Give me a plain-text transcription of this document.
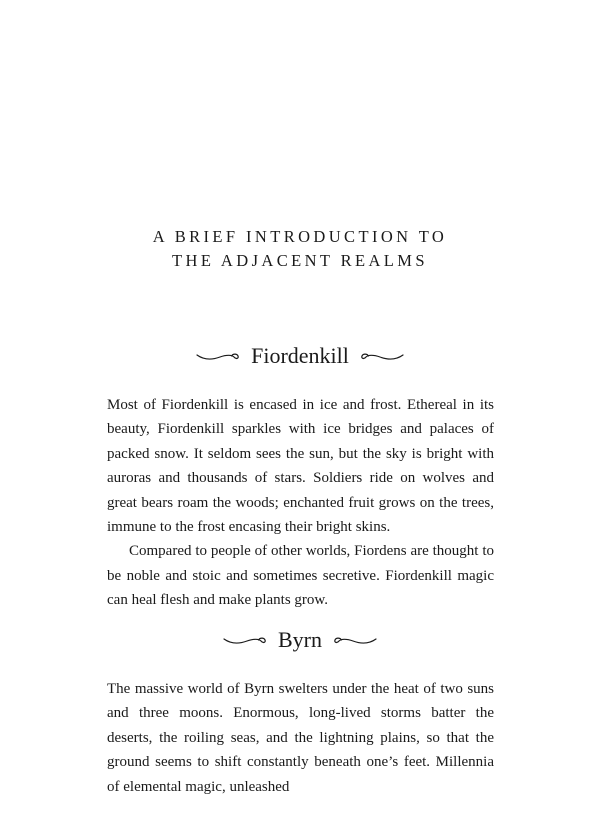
A BRIEF INTRODUCTION TO
THE ADJACENT REALMS
Fiordenkill

Most of Fiordenkill is encased in ice and frost. Ethereal in its beauty, Fiordenkill sparkles with ice bridges and palaces of packed snow. It seldom sees the sun, but the sky is bright with auroras and thousands of stars. Soldiers ride on wolves and great bears roam the woods; enchanted fruit grows on the trees, immune to the frost encasing their bright skins.

Compared to people of other worlds, Fiordens are thought to be noble and stoic and sometimes secretive. Fiordenkill magic can heal flesh and make plants grow.

Byrn

The massive world of Byrn swelters under the heat of two suns and three moons. Enormous, long-lived storms batter the deserts, the roiling seas, and the lightning plains, so that the ground seems to shift constantly beneath one’s feet. Millennia of elemental magic, unleashed
